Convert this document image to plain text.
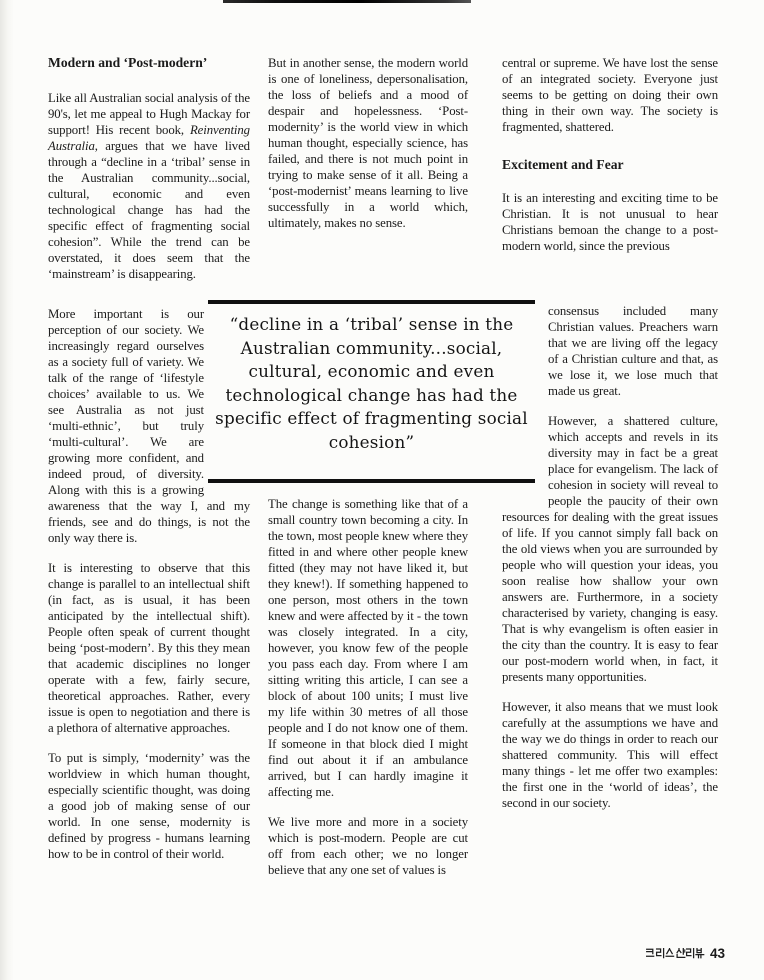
Modern and ‘Post-modern’

Like all Australian social analysis of the 90's, let me appeal to Hugh Mackay for support! His recent book, Reinventing Australia, argues that we have lived through a “decline in a ‘tribal’ sense in the Australian community...social, cultural, economic and even technological change has had the specific effect of fragmenting social cohesion”. While the trend can be overstated, it does seem that the ‘mainstream’ is disappearing.

More important is our perception of our society. We increasingly regard ourselves as a society full of variety. We talk of the range of ‘lifestyle choices’ available to us. We see Australia as not just ‘multi-ethnic’, but truly ‘multi-cultural’. We are growing more confident, and indeed proud, of diversity. Along with this is a growing awareness that the way I, and my friends, see and do things, is not the only way there is.

It is interesting to observe that this change is parallel to an intellectual shift (in fact, as is usual, it has been anticipated by the intellectual shift). People often speak of current thought being ‘post-modern’. By this they mean that academic disciplines no longer operate with a few, fairly secure, theoretical approaches. Rather, every issue is open to negotiation and there is a plethora of alternative approaches.

To put is simply, ‘modernity’ was the worldview in which human thought, especially scientific thought, was doing a good job of making sense of our world. In one sense, modernity is defined by progress - humans learning how to be in control of their world.

But in another sense, the modern world is one of loneliness, depersonalisation, the loss of beliefs and a mood of despair and hopelessness. ‘Post-modernity’ is the world view in which human thought, especially science, has failed, and there is not much point in trying to make sense of it all. Being a ‘post-modernist’ means learning to live successfully in a world which, ultimately, makes no sense.

“decline in a ‘tribal’ sense in the Australian community...social, cultural, economic and even technological change has had the specific effect of fragmenting social cohesion”

The change is something like that of a small country town becoming a city. In the town, most people knew where they fitted in and where other people knew fitted (they may not have liked it, but they knew!). If something happened to one person, most others in the town knew and were affected by it - the town was closely integrated. In a city, however, you know few of the people you pass each day. From where I am sitting writing this article, I can see a block of about 100 units; I must live my life within 30 metres of all those people and I do not know one of them. If someone in that block died I might find out about it if an ambulance arrived, but I can hardly imagine it affecting me.

We live more and more in a society which is post-modern. People are cut off from each other; we no longer believe that any one set of values is

central or supreme. We have lost the sense of an integrated society. Everyone just seems to be getting on doing their own thing in their own way. The society is fragmented, shattered.

Excitement and Fear

It is an interesting and exciting time to be Christian. It is not unusual to hear Christians bemoan the change to a post-modern world, since the previous

consensus included many Christian values. Preachers warn that we are living off the legacy of a Christian culture and that, as we lose it, we lose much that made us great.

However, a shattered culture, which accepts and revels in its diversity may in fact be a great place for evangelism. The lack of cohesion in society will reveal to people the paucity of their own resources for dealing with the great issues of life. If you cannot simply fall back on the old views when you are surrounded by people who will question your ideas, you soon realise how shallow your own answers are. Furthermore, in a society characterised by variety, changing is easy. That is why evangelism is often easier in the city than the country. It is easy to fear our post-modern world when, in fact, it presents many opportunities.

However, it also means that we must look carefully at the assumptions we have and the way we do things in order to reach our shattered community. This will effect many things - let me offer two examples: the first one in the ‘world of ideas’, the second in our society.

43
